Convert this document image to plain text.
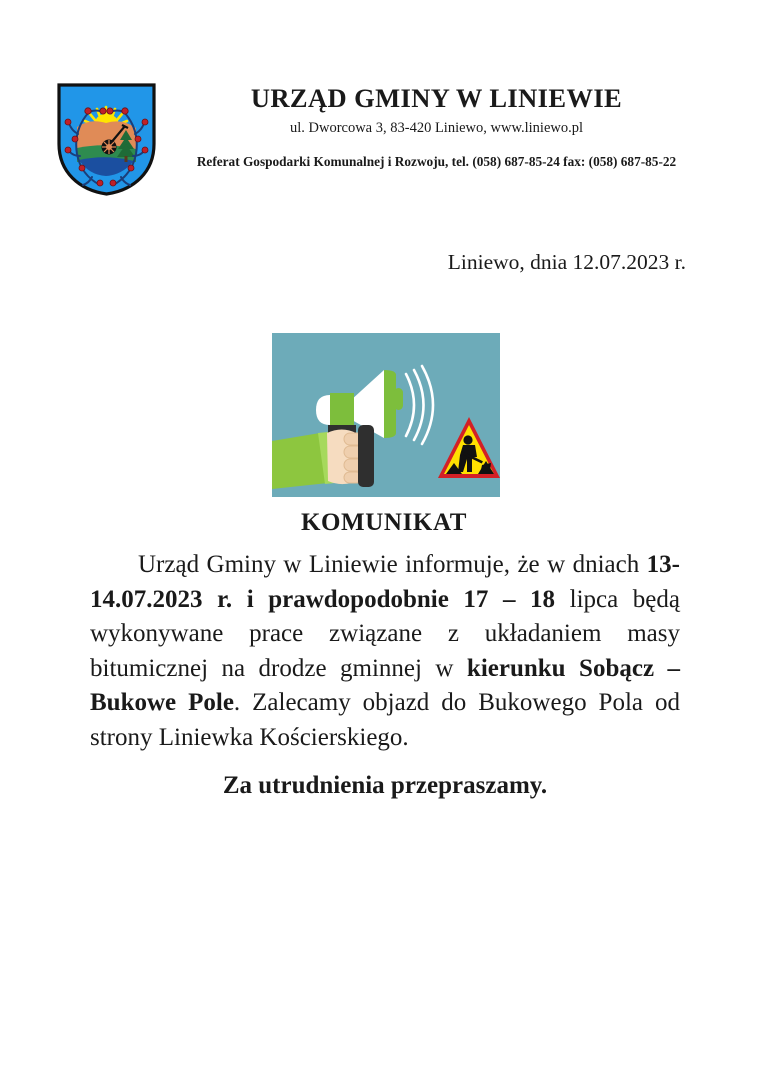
URZĄD GMINY W LINIEWIE
ul. Dworcowa 3, 83-420 Liniewo, www.liniewo.pl
Referat Gospodarki Komunalnej i Rozwoju, tel. (058) 687-85-24 fax: (058) 687-85-22
Liniewo, dnia 12.07.2023 r.
KOMUNIKAT

Urząd Gminy w Liniewie informuje, że w dniach 13-14.07.2023 r. i prawdopodobnie 17 – 18 lipca będą wykonywane prace związane z układaniem masy bitumicznej na drodze gminnej w kierunku Sobącz – Bukowe Pole. Zalecamy objazd do Bukowego Pola od strony Liniewka Kościerskiego.

Za utrudnienia przepraszamy.
